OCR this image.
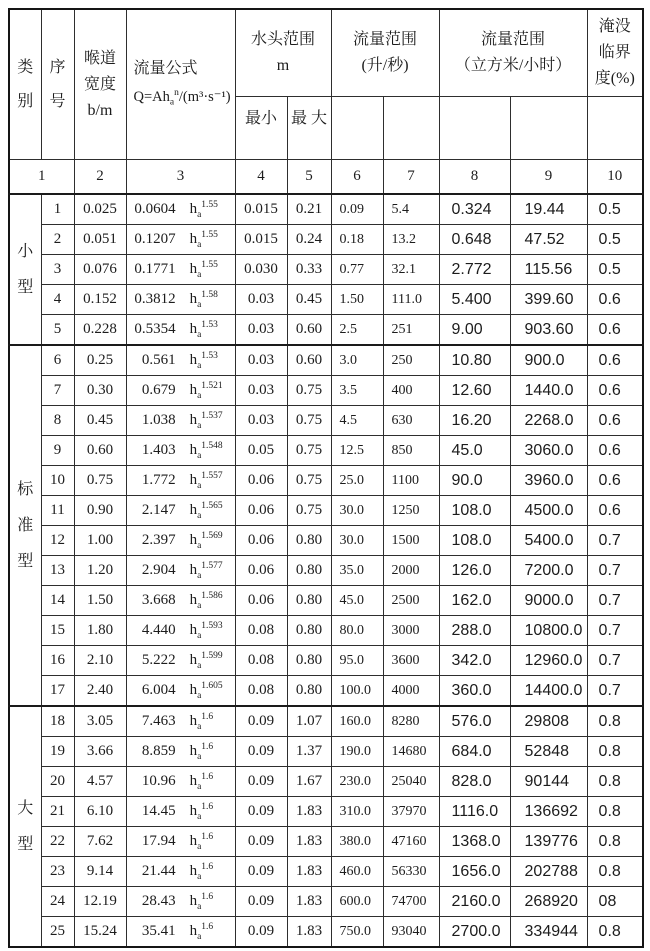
类
别

序
号

喉道
宽度
b/m

流量公式
$Q=Ah_a^n/(m^3\cdot s^{-1})$

水头范围
m

流量范围
(升/秒)

流量范围
（立方米/小时）

淹没
临界
度(%)

				最小	最 大					
1		2	3	4	5	6	7	8	9	10

小
型	1	0.025	0.0604 $h_a^{1.55}$	0.015	0.21	0.09	5.4	0.324	19.44	0.5
	2	0.051	0.1207 $h_a^{1.55}$	0.015	0.24	0.18	13.2	0.648	47.52	0.5
	3	0.076	0.1771 $h_a^{1.55}$	0.030	0.33	0.77	32.1	2.772	115.56	0.5
	4	0.152	0.3812 $h_a^{1.58}$	0.03	0.45	1.50	111.0	5.400	399.60	0.6
	5	0.228	0.5354 $h_a^{1.53}$	0.03	0.60	2.5	251	9.00	903.60	0.6

标
准
型	6	0.25	0.561 $h_a^{1.53}$	0.03	0.60	3.0	250	10.80	900.0	0.6
	7	0.30	0.679 $h_a^{1.521}$	0.03	0.75	3.5	400	12.60	1440.0	0.6
	8	0.45	1.038 $h_a^{1.537}$	0.03	0.75	4.5	630	16.20	2268.0	0.6
	9	0.60	1.403 $h_a^{1.548}$	0.05	0.75	12.5	850	45.0	3060.0	0.6
	10	0.75	1.772 $h_a^{1.557}$	0.06	0.75	25.0	1100	90.0	3960.0	0.6
	11	0.90	2.147 $h_a^{1.565}$	0.06	0.75	30.0	1250	108.0	4500.0	0.6
	12	1.00	2.397 $h_a^{1.569}$	0.06	0.80	30.0	1500	108.0	5400.0	0.7
	13	1.20	2.904 $h_a^{1.577}$	0.06	0.80	35.0	2000	126.0	7200.0	0.7
	14	1.50	3.668 $h_a^{1.586}$	0.06	0.80	45.0	2500	162.0	9000.0	0.7
	15	1.80	4.440 $h_a^{1.593}$	0.08	0.80	80.0	3000	288.0	10800.0	0.7
	16	2.10	5.222 $h_a^{1.599}$	0.08	0.80	95.0	3600	342.0	12960.0	0.7
	17	2.40	6.004 $h_a^{1.605}$	0.08	0.80	100.0	4000	360.0	14400.0	0.7

大
型	18	3.05	7.463 $h_a^{1.6}$	0.09	1.07	160.0	8280	576.0	29808	0.8
	19	3.66	8.859 $h_a^{1.6}$	0.09	1.37	190.0	14680	684.0	52848	0.8
	20	4.57	10.96 $h_a^{1.6}$	0.09	1.67	230.0	25040	828.0	90144	0.8
	21	6.10	14.45 $h_a^{1.6}$	0.09	1.83	310.0	37970	1116.0	136692	0.8
	22	7.62	17.94 $h_a^{1.6}$	0.09	1.83	380.0	47160	1368.0	139776	0.8
	23	9.14	21.44 $h_a^{1.6}$	0.09	1.83	460.0	56330	1656.0	202788	0.8
	24	12.19	28.43 $h_a^{1.6}$	0.09	1.83	600.0	74700	2160.0	268920	08
	25	15.24	35.41 $h_a^{1.6}$	0.09	1.83	750.0	93040	2700.0	334944	0.8
